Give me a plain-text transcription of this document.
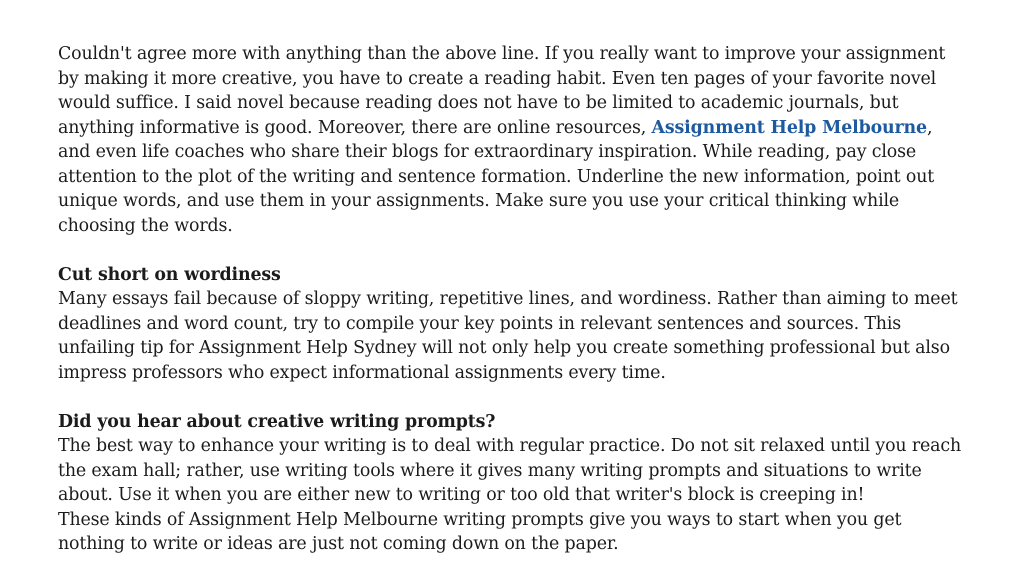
Couldn't agree more with anything than the above line. If you really want to improve your assignment by making it more creative, you have to create a reading habit. Even ten pages of your favorite novel would suffice. I said novel because reading does not have to be limited to academic journals, but anything informative is good. Moreover, there are online resources, Assignment Help Melbourne, and even life coaches who share their blogs for extraordinary inspiration. While reading, pay close attention to the plot of the writing and sentence formation. Underline the new information, point out unique words, and use them in your assignments. Make sure you use your critical thinking while choosing the words.

Cut short on wordiness

Many essays fail because of sloppy writing, repetitive lines, and wordiness. Rather than aiming to meet deadlines and word count, try to compile your key points in relevant sentences and sources. This unfailing tip for Assignment Help Sydney will not only help you create something professional but also impress professors who expect informational assignments every time.

Did you hear about creative writing prompts?

The best way to enhance your writing is to deal with regular practice. Do not sit relaxed until you reach the exam hall; rather, use writing tools where it gives many writing prompts and situations to write about. Use it when you are either new to writing or too old that writer's block is creeping in!

These kinds of Assignment Help Melbourne writing prompts give you ways to start when you get nothing to write or ideas are just not coming down on the paper.
